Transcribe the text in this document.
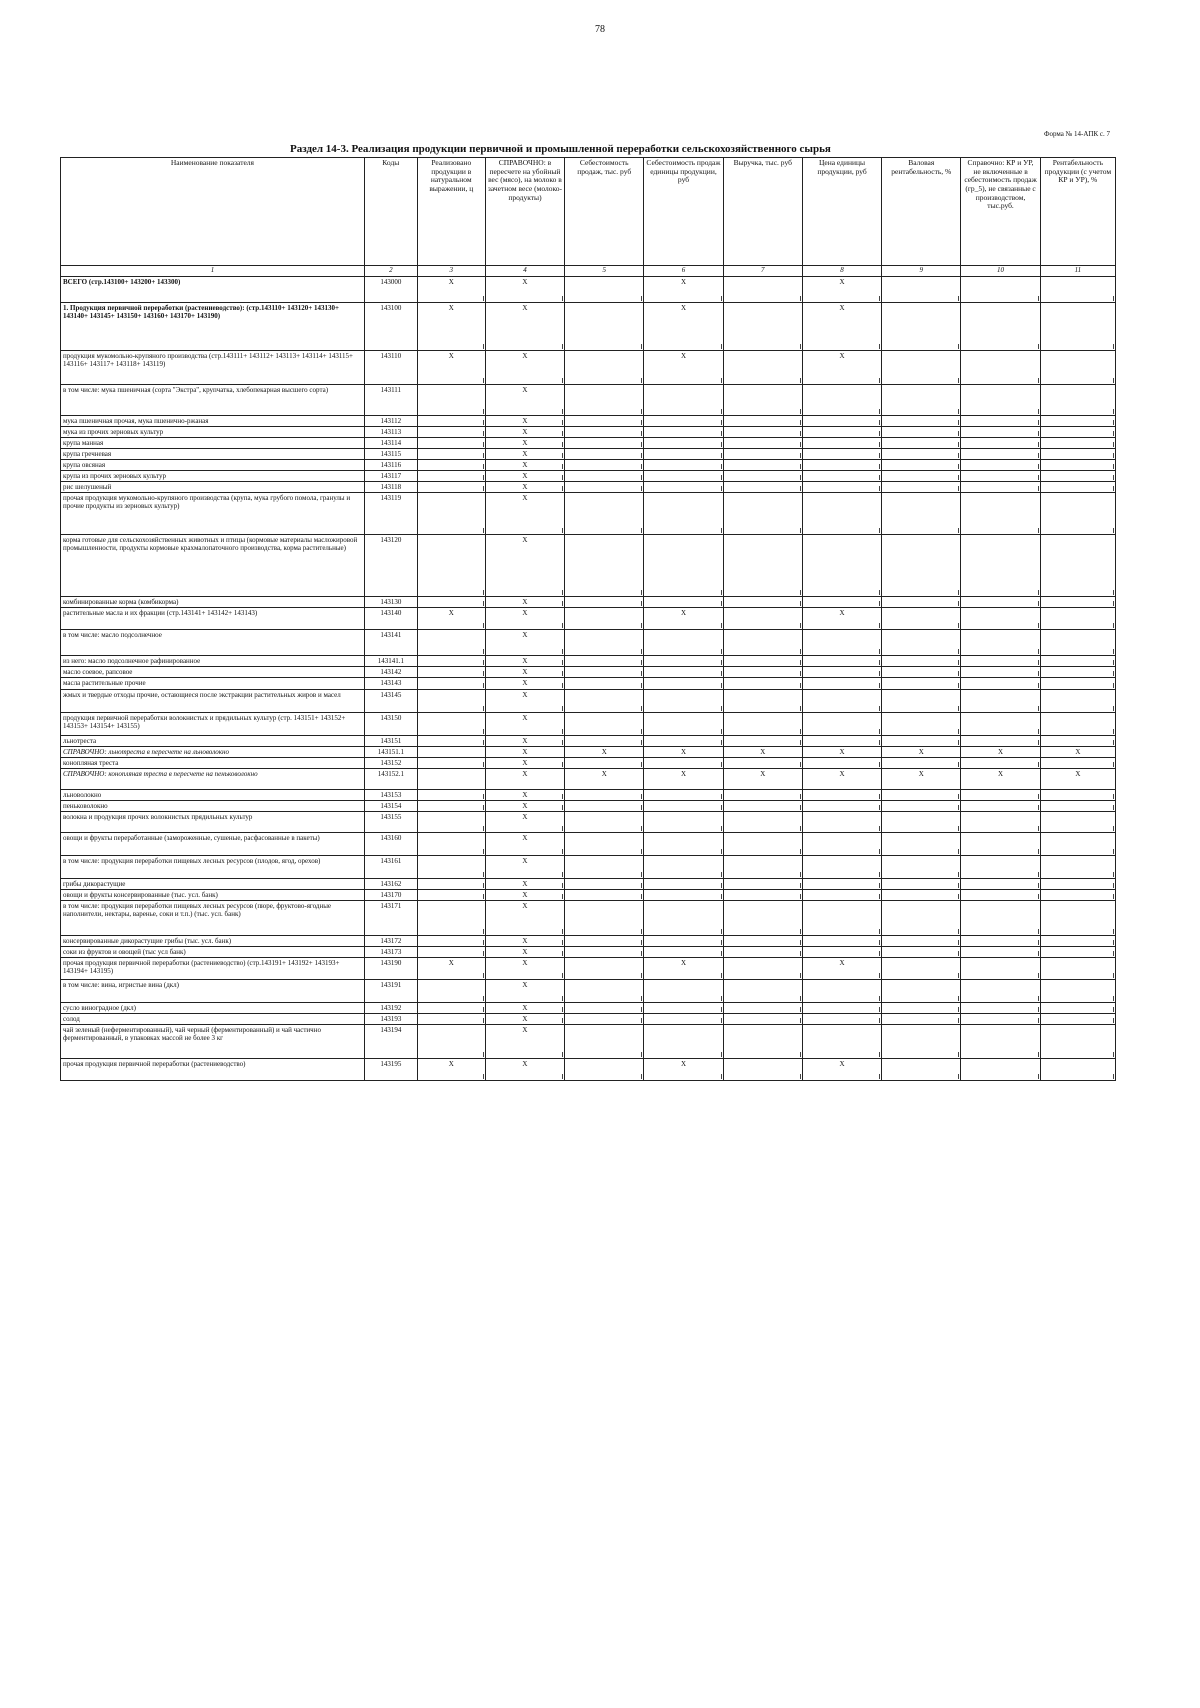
78
Форма № 14-АПК с. 7
Раздел 14-3. Реализация продукции первичной и промышленной переработки сельскохозяйственного сырья
Наименование показателя	Коды	Реализовано продукции в натуральном выражении, ц	СПРАВОЧНО: в пересчете на убойный вес (мясо), на молоко в зачетном весе (молоко-продукты)	Себестоимость продаж, тыс. руб	Себестоимость продаж единицы продукции, руб	Выручка, тыс. руб	Цена единицы продукции, руб	Валовая рентабельность, %	Справочно: КР и УР, не включенные в себестоимость продаж (гр_5), не связанные с производством, тыс.руб.	Рентабельность продукции (с учетом КР и УР), %
1	2	3	4	5	6	7	8	9	10	11
ВСЕГО (стр.143100+ 143200+ 143300)	143000	X	X		X		X			
1. Продукция первичной переработки (растениеводство): (стр.143110+ 143120+ 143130+ 143140+ 143145+ 143150+ 143160+ 143170+ 143190)	143100	X	X		X		X			
продукция мукомольно-крупяного производства (стр.143111+ 143112+ 143113+ 143114+ 143115+ 143116+ 143117+ 143118+ 143119)	143110	X	X		X		X			
в том числе: мука пшеничная (сорта "Экстра", крупчатка, хлебопекарная высшего сорта)	143111		X							
мука пшеничная прочая, мука пшенично-ржаная	143112		X							
мука из прочих зерновых культур	143113		X							
крупа манная	143114		X							
крупа гречневая	143115		X							
крупа овсяная	143116		X							
крупа из прочих зерновых культур	143117		X							
рис шелушеный	143118		X							
прочая продукция мукомольно-крупяного производства (крупа, мука грубого помола, гранулы и прочие продукты из зерновых культур)	143119		X							
корма готовые для сельскохозяйственных животных и птицы (кормовые материалы масложировой промышленности, продукты кормовые крахмалопаточного производства, корма растительные)	143120		X							
комбинированные корма (комбикорма)	143130		X							
растительные масла и их фракции (стр.143141+ 143142+ 143143)	143140	X	X		X		X			
в том числе: масло подсолнечное	143141		X							
из него: масло подсолнечное рафинированное	143141.1		X							
масло соевое, рапсовое	143142		X							
масла растительные прочие	143143		X							
жмых и твердые отходы прочие, остающиеся после экстракции растительных жиров и масел	143145		X							
продукция первичной переработки волокнистых и прядильных культур (стр. 143151+ 143152+ 143153+ 143154+ 143155)	143150		X							
льнотреста	143151		X							
СПРАВОЧНО: льнотреста в пересчете на льноволокно	143151.1		X	X	X	X	X	X	X	X
конопляная треста	143152		X							
СПРАВОЧНО: конопляная треста в пересчете на пеньковолокно	143152.1		X	X	X	X	X	X	X	X
льноволокно	143153		X							
пеньковолокно	143154		X							
волокна и продукция прочих волокнистых прядильных культур	143155		X							
овощи и фрукты переработанные (замороженные, сушеные, расфасованные в пакеты)	143160		X							
в том числе: продукция переработки пищевых лесных ресурсов (плодов, ягод, орехов)	143161		X							
грибы дикорастущие	143162		X							
овощи и фрукты консервированные (тыс. усл. банк)	143170		X							
в том числе: продукция переработки пищевых лесных ресурсов (пюре, фруктово-ягодные наполнители, нектары, варенье, соки и т.п.) (тыс. усл. банк)	143171		X							
консервированные дикорастущие грибы (тыс. усл. банк)	143172		X							
соки из фруктов и овощей (тыс усл банк)	143173		X							
прочая продукция первичной переработки (растениеводство) (стр.143191+ 143192+ 143193+ 143194+ 143195)	143190	X	X		X		X			
в том числе: вина, игристые вина (дкл)	143191		X							
сусло виноградное (дкл)	143192		X							
солод	143193		X							
чай зеленый (неферментированный), чай черный (ферментированный) и чай частично ферментированный, в упаковках массой не более 3 кг	143194		X							
прочая продукция первичной переработки (растениеводство)	143195	X	X		X		X			
